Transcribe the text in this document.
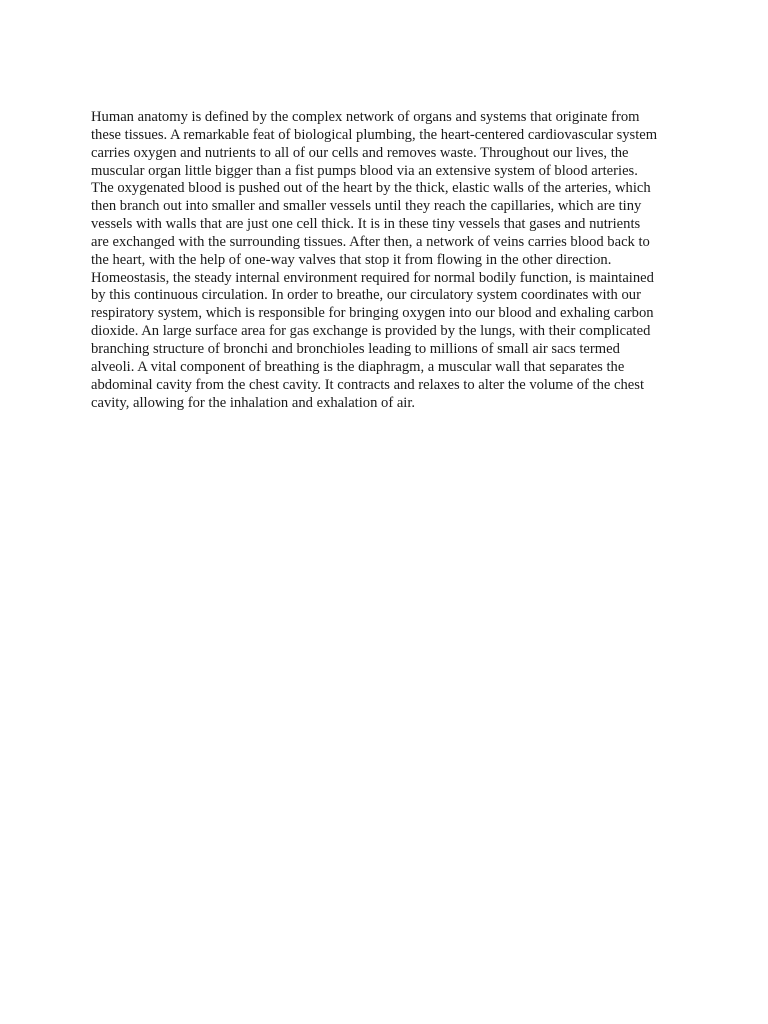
Human anatomy is defined by the complex network of organs and systems that originate from
these tissues. A remarkable feat of biological plumbing, the heart-centered cardiovascular system
carries oxygen and nutrients to all of our cells and removes waste. Throughout our lives, the
muscular organ little bigger than a fist pumps blood via an extensive system of blood arteries.
The oxygenated blood is pushed out of the heart by the thick, elastic walls of the arteries, which
then branch out into smaller and smaller vessels until they reach the capillaries, which are tiny
vessels with walls that are just one cell thick. It is in these tiny vessels that gases and nutrients
are exchanged with the surrounding tissues. After then, a network of veins carries blood back to
the heart, with the help of one-way valves that stop it from flowing in the other direction.
Homeostasis, the steady internal environment required for normal bodily function, is maintained
by this continuous circulation. In order to breathe, our circulatory system coordinates with our
respiratory system, which is responsible for bringing oxygen into our blood and exhaling carbon
dioxide. An large surface area for gas exchange is provided by the lungs, with their complicated
branching structure of bronchi and bronchioles leading to millions of small air sacs termed
alveoli. A vital component of breathing is the diaphragm, a muscular wall that separates the
abdominal cavity from the chest cavity. It contracts and relaxes to alter the volume of the chest
cavity, allowing for the inhalation and exhalation of air.
